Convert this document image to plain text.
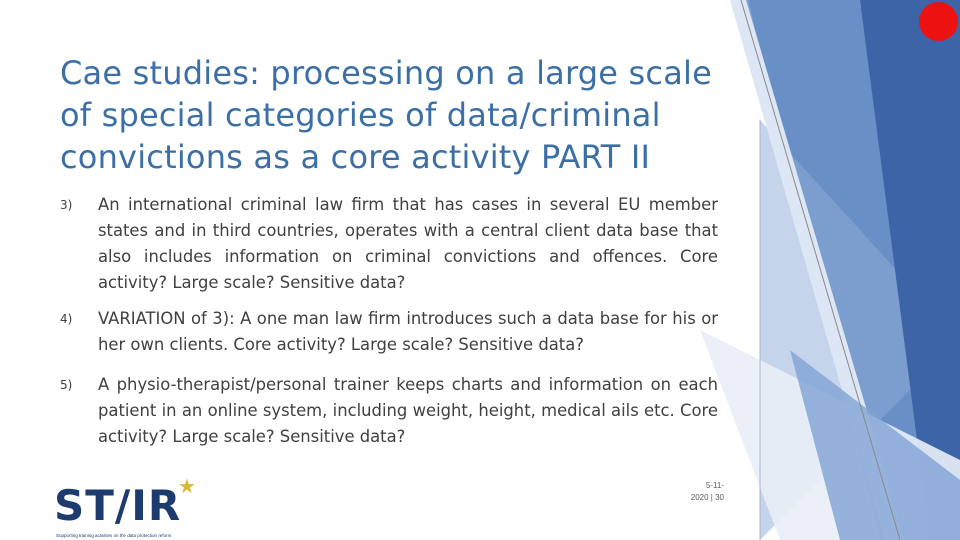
Cae studies: processing on a large scale of special categories of data/criminal convictions as a core activity PART II
3)	An international criminal law firm that has cases in several EU member states and in third countries, operates with a central client data base that also includes information on criminal convictions and offences. Core activity? Large scale? Sensitive data?
4)	VARIATION of 3): A one man law firm introduces such a data base for his or her own clients. Core activity? Large scale? Sensitive data?
5)	A physio-therapist/personal trainer keeps charts and information on each patient in an online system, including weight, height, medical ails etc. Core activity? Large scale? Sensitive data?
5-11-
2020 | 30
ST∕IR
★
Supporting training activities on the data protection reform
